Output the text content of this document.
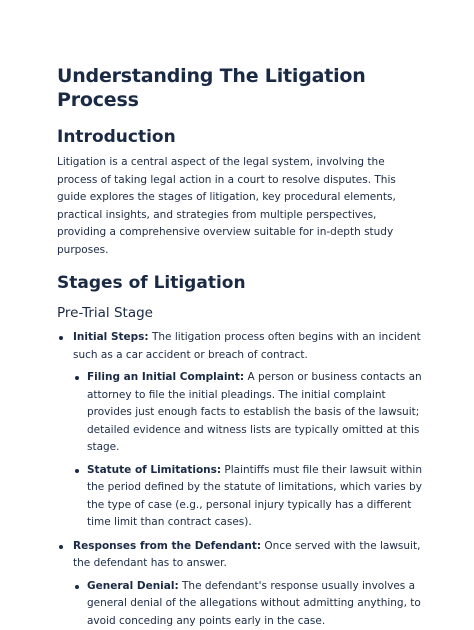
Understanding The Litigation Process
Introduction

Litigation is a central aspect of the legal system, involving the process of taking legal action in a court to resolve disputes. This guide explores the stages of litigation, key procedural elements, practical insights, and strategies from multiple perspectives, providing a comprehensive overview suitable for in-depth study purposes.

Stages of Litigation
Pre-Trial Stage
Initial Steps: The litigation process often begins with an incident such as a car accident or breach of contract.
Filing an Initial Complaint: A person or business contacts an attorney to file the initial pleadings. The initial complaint provides just enough facts to establish the basis of the lawsuit; detailed evidence and witness lists are typically omitted at this stage.
Statute of Limitations: Plaintiffs must file their lawsuit within the period defined by the statute of limitations, which varies by the type of case (e.g., personal injury typically has a different time limit than contract cases).
Responses from the Defendant: Once served with the lawsuit, the defendant has to answer.
General Denial: The defendant's response usually involves a general denial of the allegations without admitting anything, to avoid conceding any points early in the case.
